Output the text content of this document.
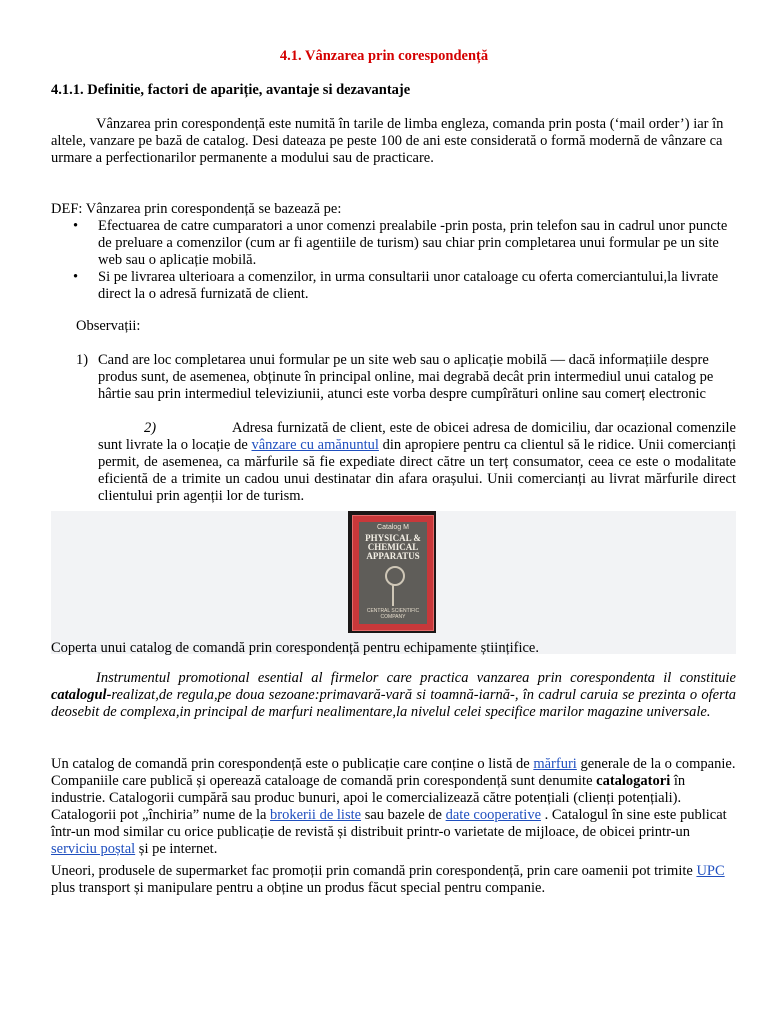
4.1. Vânzarea prin corespondență
4.1.1. Definitie, factori de apariție, avantaje si dezavantaje

Vânzarea prin corespondență este numită în tarile de limba engleza, comanda prin posta (‘mail order’) iar în altele, vanzare pe bază de catalog. Desi dateaza pe peste 100 de ani este considerată o formă modernă de vânzare ca urmare a perfectionarilor permanente a modului sau de practicare.

DEF: Vânzarea prin corespondență se bazează pe:

• Efectuarea de catre cumparatori a unor comenzi prealabile -prin posta, prin telefon sau in cadrul unor puncte de preluare a comenzilor (cum ar fi agentiile de turism) sau chiar prin completarea unui formular pe un site web sau o aplicație mobilă.
• Si pe livrarea ulterioara a comenzilor, in urma consultarii unor cataloage cu oferta comerciantului,la livrate direct la o adresă furnizată de client.

Observații:

1) Cand are loc completarea unui formular pe un site web sau o aplicație mobilă — dacă informațiile despre produs sunt, de asemenea, obținute în principal online, mai degrabă decât prin intermediul unui catalog pe hârtie sau prin intermediul televiziunii, atunci este vorba despre cumpîrături online sau comerț electronic

2)	Adresa furnizată de client, este de obicei adresa de domiciliu, dar ocazional comenzile sunt livrate la o locație de vânzare cu amănuntul din apropiere pentru ca clientul să le ridice. Unii comercianți permit, de asemenea, ca mărfurile să fie expediate direct către un terț consumator, ceea ce este o modalitate eficientă de a trimite un cadou unui destinatar din afara orașului. Unii comercianți au livrat mărfurile direct clientului prin agenții lor de turism.

Catalog M
PHYSICAL & CHEMICAL APPARATUS
CENTRAL SCIENTIFIC COMPANY

Coperta unui catalog de comandă prin corespondență pentru echipamente științifice.

Instrumentul promotional esential al firmelor care practica vanzarea prin corespondenta il constituie catalogul-realizat,de regula,pe doua sezoane:primavară-vară si toamnă-iarnă-, în cadrul caruia se prezinta o oferta deosebit de complexa,in principal de marfuri nealimentare,la nivelul celei specifice marilor magazine universale.

Un catalog de comandă prin corespondență este o publicație care conține o listă de mărfuri generale de la o companie. Companiile care publică și operează cataloage de comandă prin corespondență sunt denumite catalogatori în industrie. Catalogorii cumpără sau produc bunuri, apoi le comercializează către potențiali (clienți potențiali). Catalogorii pot „închiria” nume de la brokerii de liste sau bazele de date cooperative . Catalogul în sine este publicat într-un mod similar cu orice publicație de revistă și distribuit printr-o varietate de mijloace, de obicei printr-un serviciu poștal și pe internet.

Uneori, produsele de supermarket fac promoții prin comandă prin corespondență, prin care oamenii pot trimite UPC plus transport și manipulare pentru a obține un produs făcut special pentru companie.
